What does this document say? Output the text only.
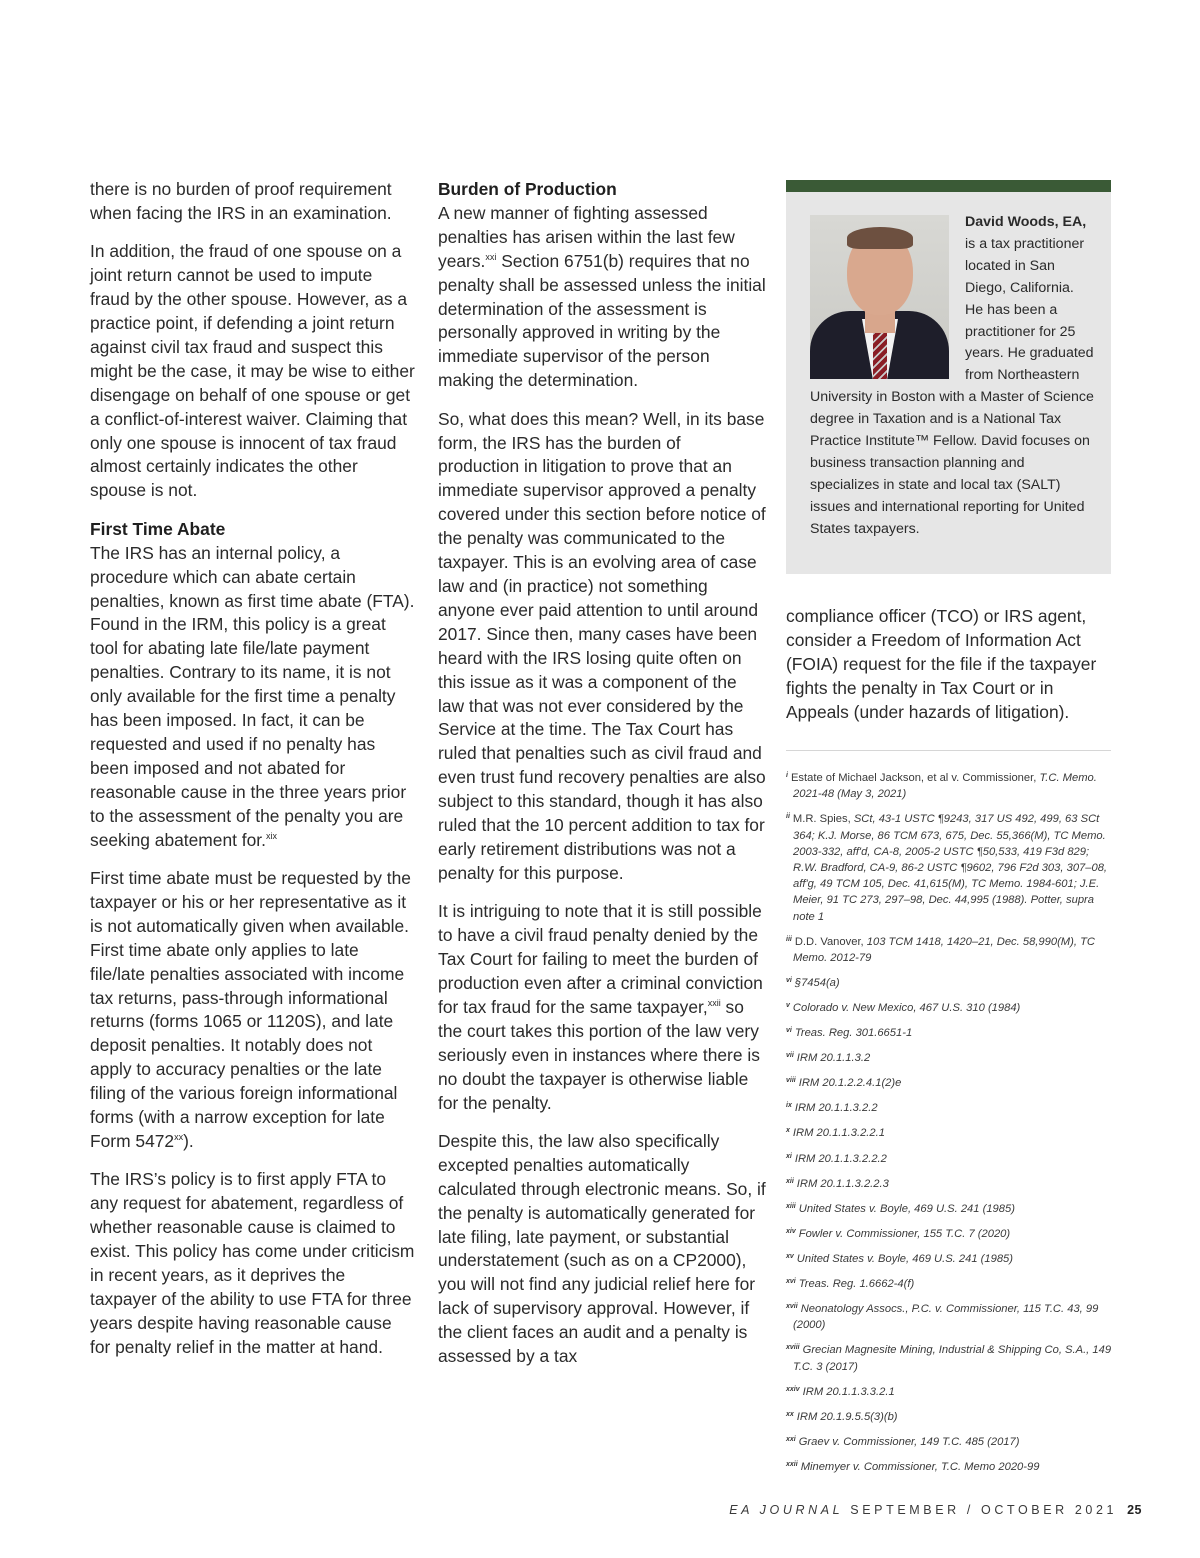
there is no burden of proof requirement when facing the IRS in an examination.

In addition, the fraud of one spouse on a joint return cannot be used to impute fraud by the other spouse. However, as a practice point, if defending a joint return against civil tax fraud and suspect this might be the case, it may be wise to either disengage on behalf of one spouse or get a conflict-of-interest waiver. Claiming that only one spouse is innocent of tax fraud almost certainly indicates the other spouse is not.

First Time Abate
The IRS has an internal policy, a procedure which can abate certain penalties, known as first time abate (FTA). Found in the IRM, this policy is a great tool for abating late file/late payment penalties. Contrary to its name, it is not only available for the first time a penalty has been imposed. In fact, it can be requested and used if no penalty has been imposed and not abated for reasonable cause in the three years prior to the assessment of the penalty you are seeking abatement for.$^{xix}$

First time abate must be requested by the taxpayer or his or her representative as it is not automatically given when available. First time abate only applies to late file/late penalties associated with income tax returns, pass-through informational returns (forms 1065 or 1120S), and late deposit penalties. It notably does not apply to accuracy penalties or the late filing of the various foreign informational forms (with a narrow exception for late Form 5472$^{xx}$).

The IRS’s policy is to first apply FTA to any request for abatement, regardless of whether reasonable cause is claimed to exist. This policy has come under criticism in recent years, as it deprives the taxpayer of the ability to use FTA for three years despite having reasonable cause for penalty relief in the matter at hand.

Burden of Production
A new manner of fighting assessed penalties has arisen within the last few years.$^{xxi}$ Section 6751(b) requires that no penalty shall be assessed unless the initial determination of the assessment is personally approved in writing by the immediate supervisor of the person making the determination.

So, what does this mean? Well, in its base form, the IRS has the burden of production in litigation to prove that an immediate supervisor approved a penalty covered under this section before notice of the penalty was communicated to the taxpayer. This is an evolving area of case law and (in practice) not something anyone ever paid attention to until around 2017. Since then, many cases have been heard with the IRS losing quite often on this issue as it was a component of the law that was not ever considered by the Service at the time. The Tax Court has ruled that penalties such as civil fraud and even trust fund recovery penalties are also subject to this standard, though it has also ruled that the 10 percent addition to tax for early retirement distributions was not a penalty for this purpose.

It is intriguing to note that it is still possible to have a civil fraud penalty denied by the Tax Court for failing to meet the burden of production even after a criminal conviction for tax fraud for the same taxpayer,$^{xxii}$ so the court takes this portion of the law very seriously even in instances where there is no doubt the taxpayer is otherwise liable for the penalty.

Despite this, the law also specifically excepted penalties automatically calculated through electronic means. So, if the penalty is automatically generated for late filing, late payment, or substantial understatement (such as on a CP2000), you will not find any judicial relief here for lack of supervisory approval. However, if the client faces an audit and a penalty is assessed by a tax

David Woods, EA,
is a tax practitioner located in San Diego, California. He has been a practitioner for 25 years. He graduated from Northeastern University in Boston with a Master of Science degree in Taxation and is a National Tax Practice Institute™ Fellow. David focuses on business transaction planning and specializes in state and local tax (SALT) issues and international reporting for United States taxpayers.
compliance officer (TCO) or IRS agent, consider a Freedom of Information Act (FOIA) request for the file if the taxpayer fights the penalty in Tax Court or in Appeals (under hazards of litigation).
$^i$ Estate of Michael Jackson, et al v. Commissioner, T.C. Memo. 2021-48 (May 3, 2021)
$^{ii}$ M.R. Spies, SCt, 43-1 USTC ¶9243, 317 US 492, 499, 63 SCt 364; K.J. Morse, 86 TCM 673, 675, Dec. 55,366(M), TC Memo. 2003-332, aff'd, CA-8, 2005-2 USTC ¶50,533, 419 F3d 829; R.W. Bradford, CA-9, 86-2 USTC ¶9602, 796 F2d 303, 307–08, aff'g, 49 TCM 105, Dec. 41,615(M), TC Memo. 1984-601; J.E. Meier, 91 TC 273, 297–98, Dec. 44,995 (1988). Potter, supra note 1
$^{iii}$ D.D. Vanover, 103 TCM 1418, 1420–21, Dec. 58,990(M), TC Memo. 2012-79
$^{vi}$ §7454(a)
$^v$ Colorado v. New Mexico, 467 U.S. 310 (1984)
$^{vi}$ Treas. Reg. 301.6651-1
$^{vii}$ IRM 20.1.1.3.2
$^{viii}$ IRM 20.1.2.2.4.1(2)e
$^{ix}$ IRM 20.1.1.3.2.2
$^x$ IRM 20.1.1.3.2.2.1
$^{xi}$ IRM 20.1.1.3.2.2.2
$^{xii}$ IRM 20.1.1.3.2.2.3
$^{xiii}$ United States v. Boyle, 469 U.S. 241 (1985)
$^{xiv}$ Fowler v. Commissioner, 155 T.C. 7 (2020)
$^{xv}$ United States v. Boyle, 469 U.S. 241 (1985)
$^{xvi}$ Treas. Reg. 1.6662-4(f)
$^{xvii}$ Neonatology Assocs., P.C. v. Commissioner, 115 T.C. 43, 99 (2000)
$^{xviii}$ Grecian Magnesite Mining, Industrial & Shipping Co, S.A., 149 T.C. 3 (2017)
$^{xxiv}$ IRM 20.1.1.3.3.2.1
$^{xx}$ IRM 20.1.9.5.5(3)(b)
$^{xxi}$ Graev v. Commissioner, 149 T.C. 485 (2017)
$^{xxii}$ Minemyer v. Commissioner, T.C. Memo 2020-99
EA JOURNAL SEPTEMBER / OCTOBER 2021 25
